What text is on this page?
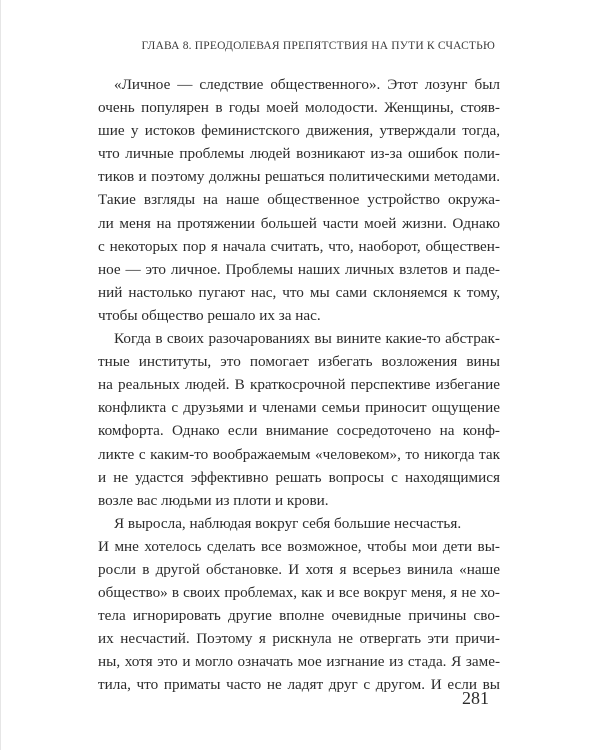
ГЛАВА 8. ПРЕОДОЛЕВАЯ ПРЕПЯТСТВИЯ НА ПУТИ К СЧАСТЬЮ
«Личное — следствие общественного». Этот лозунг был
очень популярен в годы моей молодости. Женщины, стояв-
шие у истоков феминистского движения, утверждали тогда,
что личные проблемы людей возникают из-за ошибок поли-
тиков и поэтому должны решаться политическими методами.
Такие взгляды на наше общественное устройство окружа-
ли меня на протяжении большей части моей жизни. Однако
с некоторых пор я начала считать, что, наоборот, обществен-
ное — это личное. Проблемы наших личных взлетов и паде-
ний настолько пугают нас, что мы сами склоняемся к тому,
чтобы общество решало их за нас.
Когда в своих разочарованиях вы вините какие-то абстрак-
тные институты, это помогает избегать возложения вины
на реальных людей. В краткосрочной перспективе избегание
конфликта с друзьями и членами семьи приносит ощущение
комфорта. Однако если внимание сосредоточено на конф-
ликте с каким-то воображаемым «человеком», то никогда так
и не удастся эффективно решать вопросы с находящимися
возле вас людьми из плоти и крови.
Я выросла, наблюдая вокруг себя большие несчастья.
И мне хотелось сделать все возможное, чтобы мои дети вы-
росли в другой обстановке. И хотя я всерьез винила «наше
общество» в своих проблемах, как и все вокруг меня, я не хо-
тела игнорировать другие вполне очевидные причины сво-
их несчастий. Поэтому я рискнула не отвергать эти причи-
ны, хотя это и могло означать мое изгнание из стада. Я заме-
тила, что приматы часто не ладят друг с другом. И если вы
281
